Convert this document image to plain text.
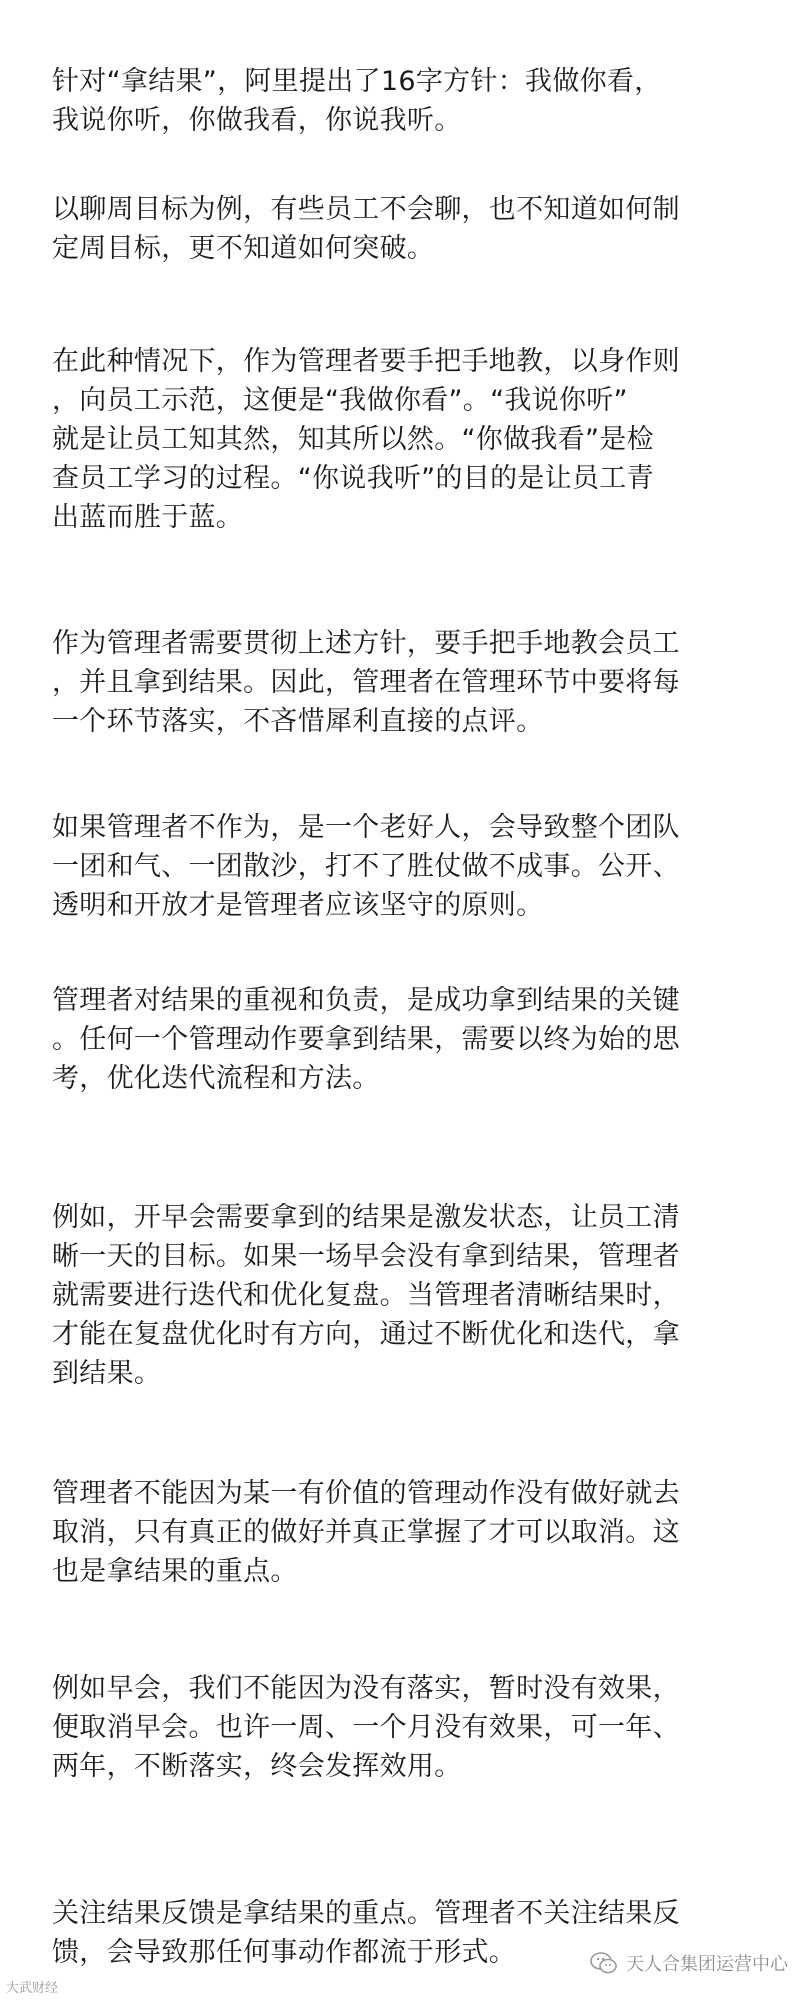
针对“拿结果”，阿里提出了16字方针：我做你看，
我说你听，你做我看，你说我听。

以聊周目标为例，有些员工不会聊，也不知道如何制
定周目标，更不知道如何突破。

在此种情况下，作为管理者要手把手地教，以身作则
，向员工示范，这便是“我做你看”。“我说你听”
就是让员工知其然，知其所以然。“你做我看”是检
查员工学习的过程。“你说我听”的目的是让员工青
出蓝而胜于蓝。

作为管理者需要贯彻上述方针，要手把手地教会员工
，并且拿到结果。因此，管理者在管理环节中要将每
一个环节落实，不吝惜犀利直接的点评。

如果管理者不作为，是一个老好人，会导致整个团队
一团和气、一团散沙，打不了胜仗做不成事。公开、
透明和开放才是管理者应该坚守的原则。

管理者对结果的重视和负责，是成功拿到结果的关键
。任何一个管理动作要拿到结果，需要以终为始的思
考，优化迭代流程和方法。

例如，开早会需要拿到的结果是激发状态，让员工清
晰一天的目标。如果一场早会没有拿到结果，管理者
就需要进行迭代和优化复盘。当管理者清晰结果时，
才能在复盘优化时有方向，通过不断优化和迭代，拿
到结果。

管理者不能因为某一有价值的管理动作没有做好就去
取消，只有真正的做好并真正掌握了才可以取消。这
也是拿结果的重点。

例如早会，我们不能因为没有落实，暂时没有效果，
便取消早会。也许一周、一个月没有效果，可一年、
两年，不断落实，终会发挥效用。

关注结果反馈是拿结果的重点。管理者不关注结果反
馈，会导致那任何事动作都流于形式。

大武财经
天人合集团运营中心
